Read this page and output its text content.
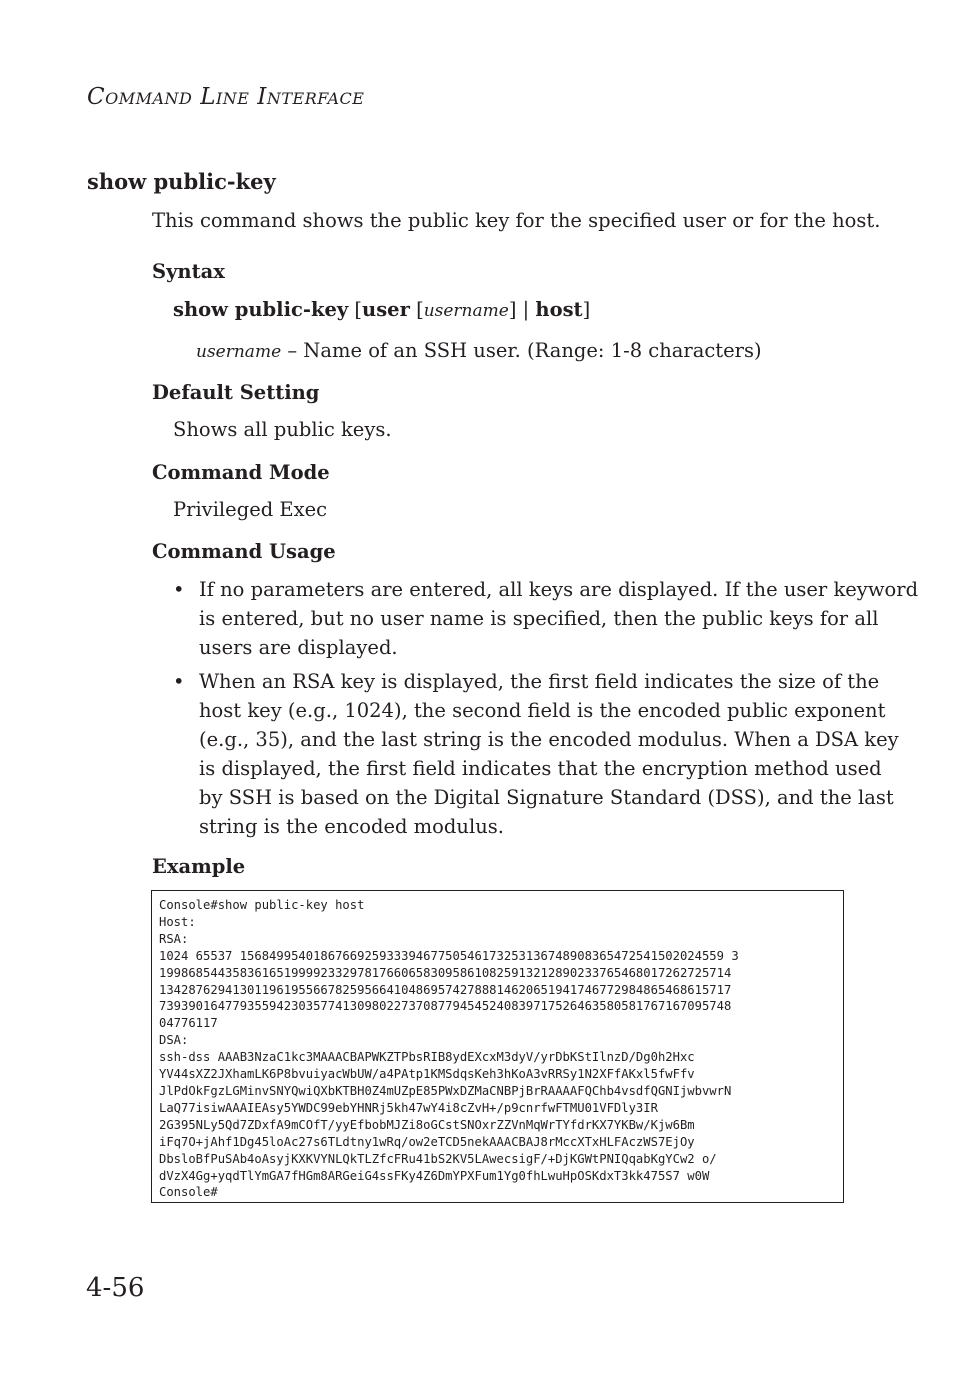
COMMAND LINE INTERFACE
show public-key
This command shows the public key for the specified user or for the host.
Syntax
show public-key [user [username] | host]
username – Name of an SSH user. (Range: 1-8 characters)
Default Setting
Shows all public keys.
Command Mode
Privileged Exec
Command Usage
• If no parameters are entered, all keys are displayed. If the user keyword
is entered, but no user name is specified, then the public keys for all
users are displayed.
• When an RSA key is displayed, the first field indicates the size of the
host key (e.g., 1024), the second field is the encoded public exponent
(e.g., 35), and the last string is the encoded modulus. When a DSA key
is displayed, the first field indicates that the encryption method used
by SSH is based on the Digital Signature Standard (DSS), and the last
string is the encoded modulus.
Example
Console#show public-key host
Host:
RSA:
1024 65537 156849954018676692593339467750546173253136748908365472541502024559 3
199868544358361651999923329781766065830958610825913212890233765468017262725714
134287629413011961955667825956641048695742788814620651941746772984865468615717
739390164779355942303577413098022737087794545240839717526463580581767167095748
04776117
DSA:
ssh-dss AAAB3NzaC1kc3MAAACBAPWKZTPbsRIB8ydEXcxM3dyV/yrDbKStIlnzD/Dg0h2Hxc
YV44sXZ2JXhamLK6P8bvuiyacWbUW/a4PAtp1KMSdqsKeh3hKoA3vRRSy1N2XFfAKxl5fwFfv
JlPdOkFgzLGMinvSNYQwiQXbKTBH0Z4mUZpE85PWxDZMaCNBPjBrRAAAAFQChb4vsdfQGNIjwbvwrN
LaQ77isiwAAAIEAsy5YWDC99ebYHNRj5kh47wY4i8cZvH+/p9cnrfwFTMU01VFDly3IR
2G395NLy5Qd7ZDxfA9mCOfT/yyEfbobMJZi8oGCstSNOxrZZVnMqWrTYfdrKX7YKBw/Kjw6Bm
iFq7O+jAhf1Dg45loAc27s6TLdtny1wRq/ow2eTCD5nekAAACBAJ8rMccXTxHLFAczWS7EjOy
DbsloBfPuSAb4oAsyjKXKVYNLQkTLZfcFRu41bS2KV5LAwecsigF/+DjKGWtPNIQqabKgYCw2 o/
dVzX4Gg+yqdTlYmGA7fHGm8ARGeiG4ssFKy4Z6DmYPXFum1Yg0fhLwuHpOSKdxT3kk475S7 w0W
Console#
4-56
